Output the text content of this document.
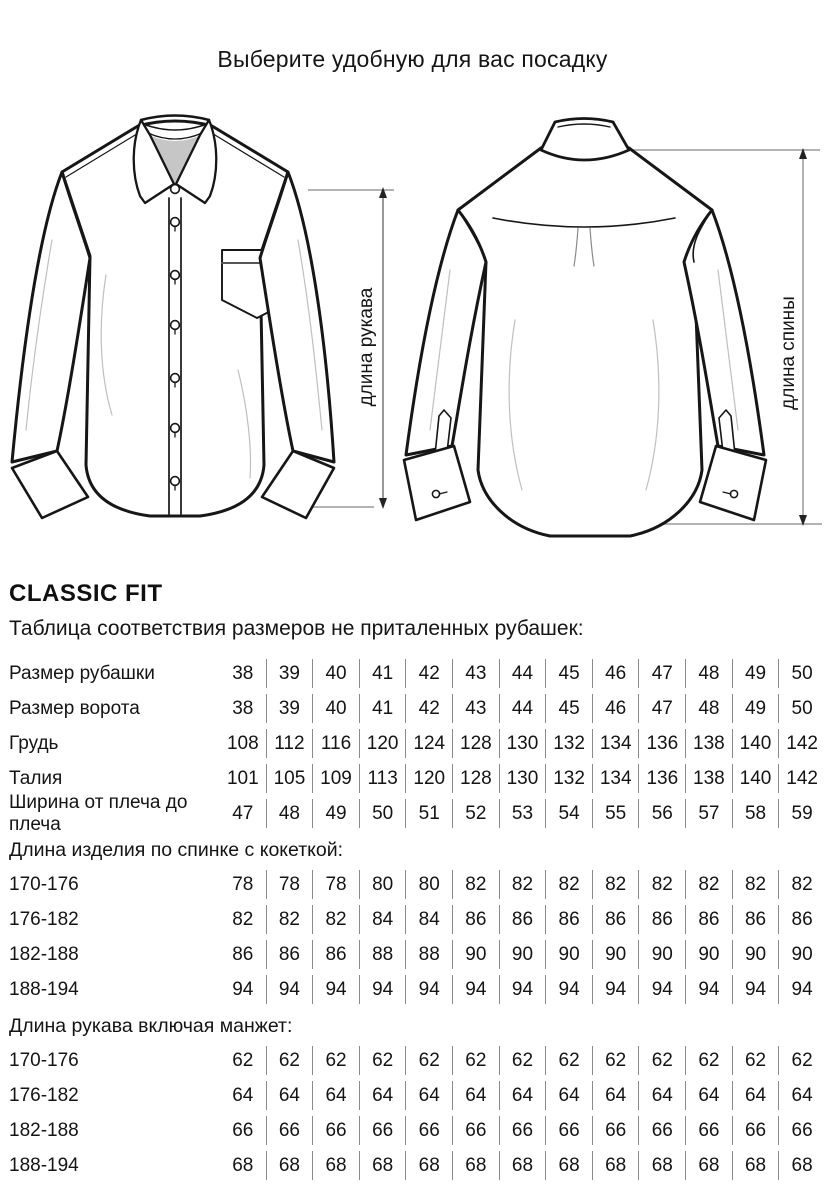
Выберите удобную для вас посадку
длина рукава	длина спины
CLASSIC FIT
Таблица соответствия размеров не приталенных рубашек:
Размер рубашки	38	39	40	41	42	43	44	45	46	47	48	49	50
Размер ворота	38	39	40	41	42	43	44	45	46	47	48	49	50
Грудь	108 112 116 120 124 128 130 132 134 136 138 140 142
Талия	101 105 109 113 120 128 130 132 134 136 138 140 142
Ширина от плеча до плеча	47	48	49	50	51	52	53	54	55	56	57	58	59
Длина изделия по спинке с кокеткой:
170-176	78	78	78	80	80	82	82	82	82	82	82	82	82
176-182	82	82	82	84	84	86	86	86	86	86	86	86	86
182-188	86	86	86	88	88	90	90	90	90	90	90	90	90
188-194	94	94	94	94	94	94	94	94	94	94	94	94	94
Длина рукава включая манжет:
170-176	62	62	62	62	62	62	62	62	62	62	62	62	62
176-182	64	64	64	64	64	64	64	64	64	64	64	64	64
182-188	66	66	66	66	66	66	66	66	66	66	66	66	66
188-194	68	68	68	68	68	68	68	68	68	68	68	68	68
